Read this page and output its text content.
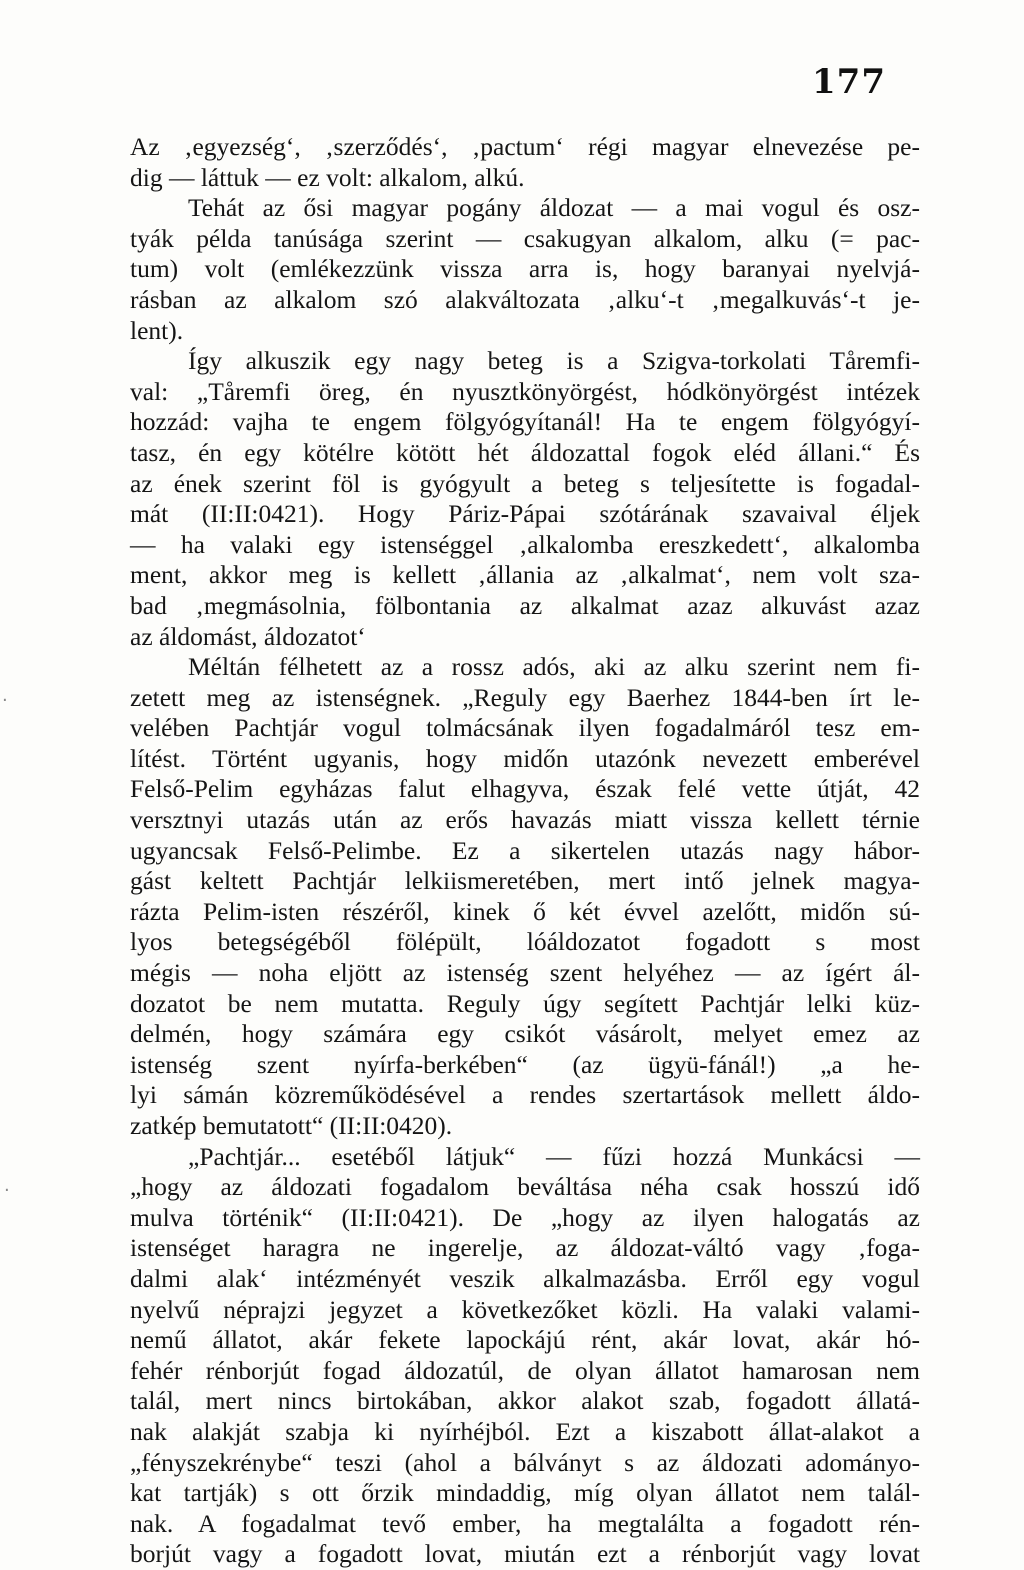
177
Az ‚egyezség‘, ‚szerződés‘, ‚pactum‘ régi magyar elnevezése pe-
dig — láttuk — ez volt: alkalom, alkú.
Tehát az ősi magyar pogány áldozat — a mai vogul és osz-
tyák példa tanúsága szerint — csakugyan alkalom, alku (= pac-
tum) volt (emlékezzünk vissza arra is, hogy baranyai nyelvjá-
rásban az alkalom szó alakváltozata ‚alku‘-t ‚megalkuvás‘-t je-
lent).
Így alkuszik egy nagy beteg is a Szigva-torkolati Tåremfi-
val: „Tåremfi öreg, én nyusztkönyörgést, hódkönyörgést intézek
hozzád: vajha te engem fölgyógyítanál! Ha te engem fölgyógyí-
tasz, én egy kötélre kötött hét áldozattal fogok eléd állani.“ És
az ének szerint föl is gyógyult a beteg s teljesítette is fogadal-
mát (II:II:0421). Hogy Páriz-Pápai szótárának szavaival éljek
— ha valaki egy istenséggel ‚alkalomba ereszkedett‘, alkalomba
ment, akkor meg is kellett ‚állania az ‚alkalmat‘, nem volt sza-
bad ‚megmásolnia, fölbontania az alkalmat azaz alkuvást azaz
az áldomást, áldozatot‘
Méltán félhetett az a rossz adós, aki az alku szerint nem fi-
zetett meg az istenségnek. „Reguly egy Baerhez 1844-ben írt le-
velében Pachtjár vogul tolmácsának ilyen fogadalmáról tesz em-
lítést. Történt ugyanis, hogy midőn utazónk nevezett emberével
Felső-Pelim egyházas falut elhagyva, észak felé vette útját, 42
versztnyi utazás után az erős havazás miatt vissza kellett térnie
ugyancsak Felső-Pelimbe. Ez a sikertelen utazás nagy hábor-
gást keltett Pachtjár lelkiismeretében, mert intő jelnek magya-
rázta Pelim-isten részéről, kinek ő két évvel azelőtt, midőn sú-
lyos betegségéből fölépült, lóáldozatot fogadott s most
mégis — noha eljött az istenség szent helyéhez — az ígért ál-
dozatot be nem mutatta. Reguly úgy segített Pachtjár lelki küz-
delmén, hogy számára egy csikót vásárolt, melyet emez az
istenség szent nyírfa-berkében“ (az ügyü-fánál!) „a he-
lyi sámán közreműködésével a rendes szertartások mellett áldo-
zatkép bemutatott“ (II:II:0420).
„Pachtjár... esetéből látjuk“ — fűzi hozzá Munkácsi —
„hogy az áldozati fogadalom beváltása néha csak hosszú idő
mulva történik“ (II:II:0421). De „hogy az ilyen halogatás az
istenséget haragra ne ingerelje, az áldozat-váltó vagy ‚foga-
dalmi alak‘ intézményét veszik alkalmazásba. Erről egy vogul
nyelvű néprajzi jegyzet a következőket közli. Ha valaki valami-
nemű állatot, akár fekete lapockájú rént, akár lovat, akár hó-
fehér rénborjút fogad áldozatúl, de olyan állatot hamarosan nem
talál, mert nincs birtokában, akkor alakot szab, fogadott állatá-
nak alakját szabja ki nyírhéjból. Ezt a kiszabott állat-alakot a
„fényszekrénybe“ teszi (ahol a bálványt s az áldozati adományo-
kat tartják) s ott őrzik mindaddig, míg olyan állatot nem talál-
nak. A fogadalmat tevő ember, ha megtalálta a fogadott rén-
borjút vagy a fogadott lovat, miután ezt a rénborjút vagy lovat
·
·
